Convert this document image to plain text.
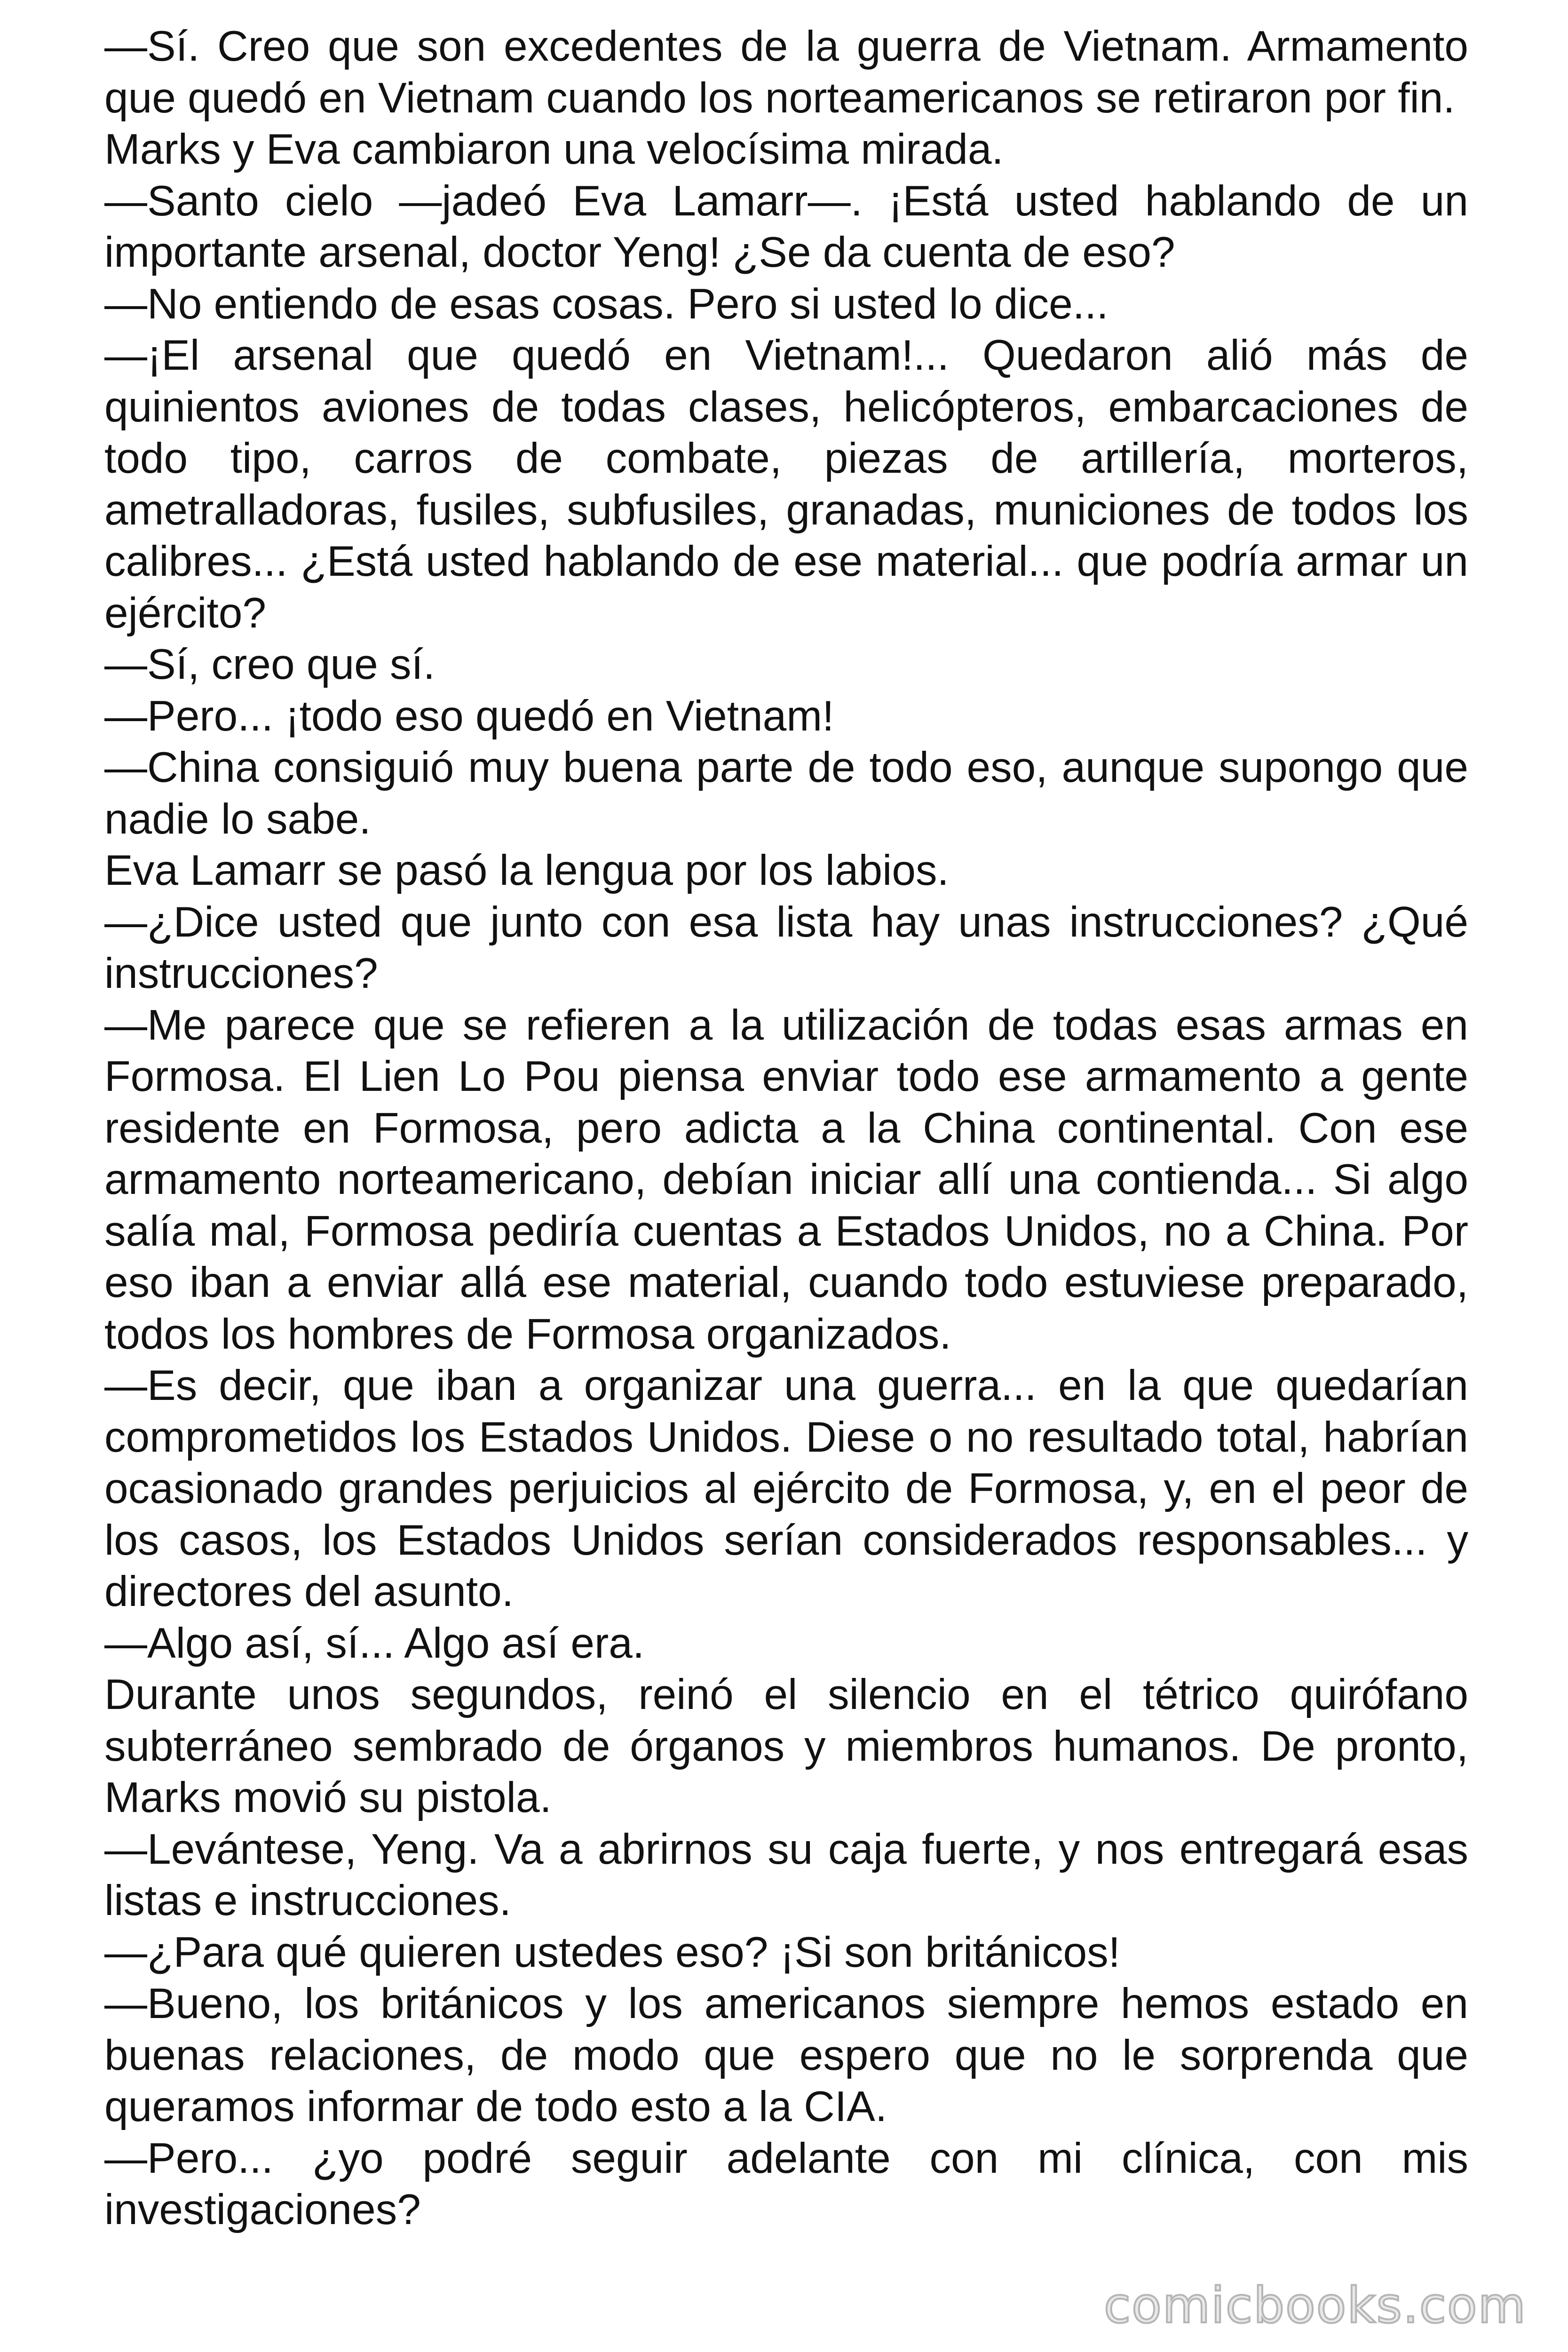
—Sí. Creo que son excedentes de la guerra de Vietnam. Armamento que quedó en Vietnam cuando los norteamericanos se retiraron por fin.

Marks y Eva cambiaron una velocísima mirada.

—Santo cielo —jadeó Eva Lamarr—. ¡Está usted hablando de un importante arsenal, doctor Yeng! ¿Se da cuenta de eso?

—No entiendo de esas cosas. Pero si usted lo dice...

—¡El arsenal que quedó en Vietnam!... Quedaron alió más de quinientos aviones de todas clases, helicópteros, embarcaciones de todo tipo, carros de combate, piezas de artillería, morteros, ametralladoras, fusiles, subfusiles, granadas, municiones de todos los calibres... ¿Está usted hablando de ese material... que podría armar un ejército?

—Sí, creo que sí.

—Pero... ¡todo eso quedó en Vietnam!

—China consiguió muy buena parte de todo eso, aunque supongo que nadie lo sabe.

Eva Lamarr se pasó la lengua por los labios.

—¿Dice usted que junto con esa lista hay unas instrucciones? ¿Qué instrucciones?

—Me parece que se refieren a la utilización de todas esas armas en Formosa. El Lien Lo Pou piensa enviar todo ese armamento a gente residente en Formosa, pero adicta a la China continental. Con ese armamento norteamericano, debían iniciar allí una contienda... Si algo salía mal, Formosa pediría cuentas a Estados Unidos, no a China. Por eso iban a enviar allá ese material, cuando todo estuviese preparado, todos los hombres de Formosa organizados.

—Es decir, que iban a organizar una guerra... en la que quedarían comprometidos los Estados Unidos. Diese o no resultado total, habrían ocasionado grandes perjuicios al ejército de Formosa, y, en el peor de los casos, los Estados Unidos serían considerados responsables... y directores del asunto.

—Algo así, sí... Algo así era.

Durante unos segundos, reinó el silencio en el tétrico quirófano subterráneo sembrado de órganos y miembros humanos. De pronto, Marks movió su pistola.

—Levántese, Yeng. Va a abrirnos su caja fuerte, y nos entregará esas listas e instrucciones.

—¿Para qué quieren ustedes eso? ¡Si son británicos!

—Bueno, los británicos y los americanos siempre hemos estado en buenas relaciones, de modo que espero que no le sorprenda que queramos informar de todo esto a la CIA.

—Pero... ¿yo podré seguir adelante con mi clínica, con mis investigaciones?

comicbooks.com
